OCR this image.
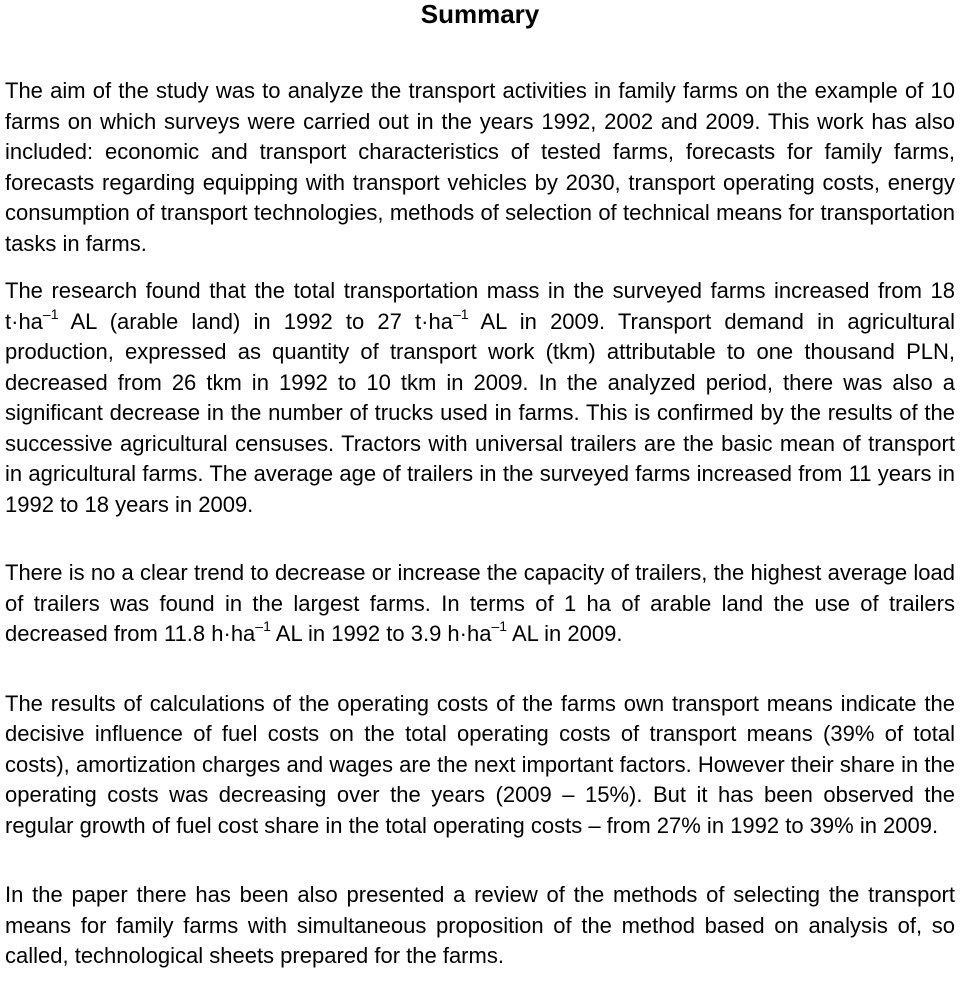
Summary

The aim of the study was to analyze the transport activities in family farms on the example of 10 farms on which surveys were carried out in the years 1992, 2002 and 2009. This work has also included: economic and transport characteristics of tested farms, forecasts for family farms, forecasts regarding equipping with transport vehicles by 2030, transport operating costs, energy consumption of transport technologies, methods of selection of technical means for transportation tasks in farms.

The research found that the total transportation mass in the surveyed farms increased from 18 $t\cdot ha^{-1}$ AL (arable land) in 1992 to 27 $t\cdot ha^{-1}$ AL in 2009. Transport demand in agricultural production, expressed as quantity of transport work (tkm) attributable to one thousand PLN, decreased from 26 tkm in 1992 to 10 tkm in 2009. In the analyzed period, there was also a significant decrease in the number of trucks used in farms. This is confirmed by the results of the successive agricultural censuses. Tractors with universal trailers are the basic mean of transport in agricultural farms. The average age of trailers in the surveyed farms increased from 11 years in 1992 to 18 years in 2009.

There is no a clear trend to decrease or increase the capacity of trailers, the highest average load of trailers was found in the largest farms. In terms of 1 ha of arable land the use of trailers decreased from 11.8 $h\cdot ha^{-1}$ AL in 1992 to 3.9 $h\cdot ha^{-1}$ AL in 2009.

The results of calculations of the operating costs of the farms own transport means indicate the decisive influence of fuel costs on the total operating costs of transport means (39% of total costs), amortization charges and wages are the next important factors. However their share in the operating costs was decreasing over the years (2009 – 15%). But it has been observed the regular growth of fuel cost share in the total operating costs – from 27% in 1992 to 39% in 2009.

In the paper there has been also presented a review of the methods of selecting the transport means for family farms with simultaneous proposition of the method based on analysis of, so called, technological sheets prepared for the farms.
